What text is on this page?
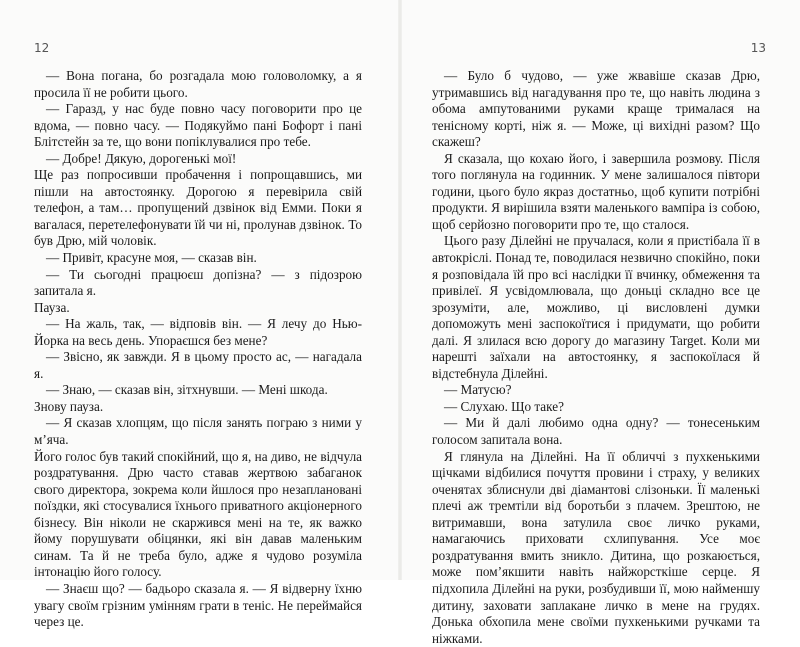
12

— Вона погана, бо розгадала мою головоломку, а я просила її не робити цього.

— Гаразд, у нас буде повно часу поговорити про це вдома, — повно часу. — Подякуймо пані Бофорт і пані Блітстейн за те, що вони попіклувалися про тебе.

— Добре! Дякую, дорогенькі мої!

Ще раз попросивши пробачення і попрощавшись, ми пішли на автостоянку. Дорогою я перевірила свій телефон, а там… пропущений дзвінок від Емми. Поки я вагалася, перетелефонувати їй чи ні, пролунав дзвінок. То був Дрю, мій чоловік.

— Привіт, красуне моя, — сказав він.

— Ти сьогодні працюєш допізна? — з підозрою запитала я.

Пауза.

— На жаль, так, — відповів він. — Я лечу до Нью-Йорка на весь день. Упораєшся без мене?

— Звісно, як завжди. Я в цьому просто ас, — нагадала я.

— Знаю, — сказав він, зітхнувши. — Мені шкода.

Знову пауза.

— Я сказав хлопцям, що після занять пограю з ними у м’яча.

Його голос був такий спокійний, що я, на диво, не відчула роздратування. Дрю часто ставав жертвою забаганок свого директора, зокрема коли йшлося про незаплановані поїздки, які стосувалися їхнього приватного акціонерного бізнесу. Він ніколи не скаржився мені на те, як важко йому порушувати обіцянки, які він давав маленьким синам. Та й не треба було, адже я чудово розуміла інтонацію його голосу.

— Знаєш що? — бадьоро сказала я. — Я відверну їхню увагу своїм грізним умінням грати в теніс. Не переймайся через це.

13

— Було б чудово, — уже жвавіше сказав Дрю, утримавшись від нагадування про те, що навіть людина з обома ампутованими руками краще трималася на тенісному корті, ніж я. — Може, ці вихідні разом? Що скажеш?

Я сказала, що кохаю його, і завершила розмову. Після того поглянула на годинник. У мене залишалося півтори години, цього було якраз достатньо, щоб купити потрібні продукти. Я вирішила взяти маленького вампіра із собою, щоб серйозно поговорити про те, що сталося.

Цього разу Ділейні не пручалася, коли я пристібала її в автокріслі. Понад те, поводилася незвично спокійно, поки я розповідала їй про всі наслідки її вчинку, обмеження та привілеї. Я усвідомлювала, що доньці складно все це зрозуміти, але, можливо, ці висловлені думки допоможуть мені заспокоїтися і придумати, що робити далі. Я злилася всю дорогу до магазину Target. Коли ми нарешті заїхали на автостоянку, я заспокоїлася й відстебнула Ділейні.

— Матусю?

— Слухаю. Що таке?

— Ми й далі любимо одна одну? — тонесеньким голосом запитала вона.

Я глянула на Ділейні. На її обличчі з пухкенькими щічками відбилися почуття провини і страху, у великих оченятах зблиснули дві діамантові слізоньки. Її маленькі плечі аж тремтіли від боротьби з плачем. Зрештою, не витримавши, вона затулила своє личко руками, намагаючись приховати схлипування. Усе моє роздратування вмить зникло. Дитина, що розкаюється, може пом’якшити навіть найжорсткіше серце. Я підхопила Ділейні на руки, розбудивши її, мою найменшу дитину, заховати заплакане личко в мене на грудях. Донька обхопила мене своїми пухкенькими ручками та ніжками.
